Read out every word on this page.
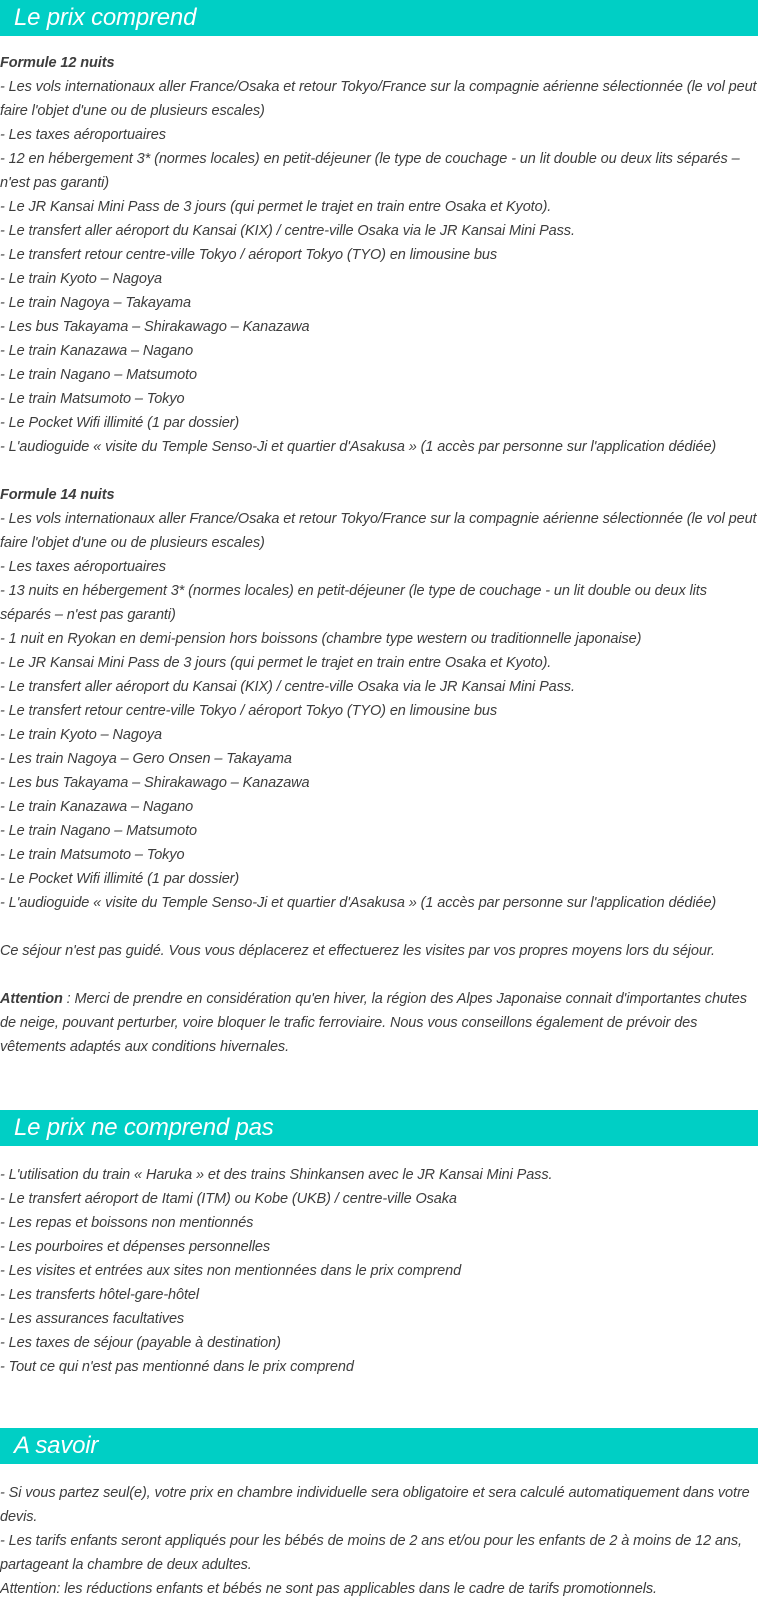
Le prix comprend

Formule 12 nuits

- Les vols internationaux aller France/Osaka et retour Tokyo/France sur la compagnie aérienne sélectionnée (le vol peut faire l'objet d'une ou de plusieurs escales)

- Les taxes aéroportuaires

- 12 en hébergement 3* (normes locales) en petit-déjeuner (le type de couchage - un lit double ou deux lits séparés – n'est pas garanti)

- Le JR Kansai Mini Pass de 3 jours (qui permet le trajet en train entre Osaka et Kyoto).

- Le transfert aller aéroport du Kansai (KIX) / centre-ville Osaka via le JR Kansai Mini Pass.

- Le transfert retour centre-ville Tokyo / aéroport Tokyo (TYO) en limousine bus

- Le train Kyoto – Nagoya

- Le train Nagoya – Takayama

- Les bus Takayama – Shirakawago – Kanazawa

- Le train Kanazawa – Nagano

- Le train Nagano – Matsumoto

- Le train Matsumoto – Tokyo

- Le Pocket Wifi illimité (1 par dossier)

- L'audioguide « visite du Temple Senso-Ji et quartier d'Asakusa » (1 accès par personne sur l'application dédiée)

Formule 14 nuits

- Les vols internationaux aller France/Osaka et retour Tokyo/France sur la compagnie aérienne sélectionnée (le vol peut faire l'objet d'une ou de plusieurs escales)

- Les taxes aéroportuaires

- 13 nuits en hébergement 3* (normes locales) en petit-déjeuner (le type de couchage - un lit double ou deux lits séparés – n'est pas garanti)

- 1 nuit en Ryokan en demi-pension hors boissons (chambre type western ou traditionnelle japonaise)

- Le JR Kansai Mini Pass de 3 jours (qui permet le trajet en train entre Osaka et Kyoto).

- Le transfert aller aéroport du Kansai (KIX) / centre-ville Osaka via le JR Kansai Mini Pass.

- Le transfert retour centre-ville Tokyo / aéroport Tokyo (TYO) en limousine bus

- Le train Kyoto – Nagoya

- Les train Nagoya – Gero Onsen – Takayama

- Les bus Takayama – Shirakawago – Kanazawa

- Le train Kanazawa – Nagano

- Le train Nagano – Matsumoto

- Le train Matsumoto – Tokyo

- Le Pocket Wifi illimité (1 par dossier)

- L'audioguide « visite du Temple Senso-Ji et quartier d'Asakusa » (1 accès par personne sur l'application dédiée)

Ce séjour n'est pas guidé. Vous vous déplacerez et effectuerez les visites par vos propres moyens lors du séjour.

Attention : Merci de prendre en considération qu'en hiver, la région des Alpes Japonaise connait d'importantes chutes de neige, pouvant perturber, voire bloquer le trafic ferroviaire. Nous vous conseillons également de prévoir des vêtements adaptés aux conditions hivernales.

Le prix ne comprend pas

- L'utilisation du train « Haruka » et des trains Shinkansen avec le JR Kansai Mini Pass.

- Le transfert aéroport de Itami (ITM) ou Kobe (UKB) / centre-ville Osaka

- Les repas et boissons non mentionnés

- Les pourboires et dépenses personnelles

- Les visites et entrées aux sites non mentionnées dans le prix comprend

- Les transferts hôtel-gare-hôtel

- Les assurances facultatives

- Les taxes de séjour (payable à destination)

- Tout ce qui n'est pas mentionné dans le prix comprend

A savoir

- Si vous partez seul(e), votre prix en chambre individuelle sera obligatoire et sera calculé automatiquement dans votre devis.

- Les tarifs enfants seront appliqués pour les bébés de moins de 2 ans et/ou pour les enfants de 2 à moins de 12 ans, partageant la chambre de deux adultes.

Attention: les réductions enfants et bébés ne sont pas applicables dans le cadre de tarifs promotionnels.
